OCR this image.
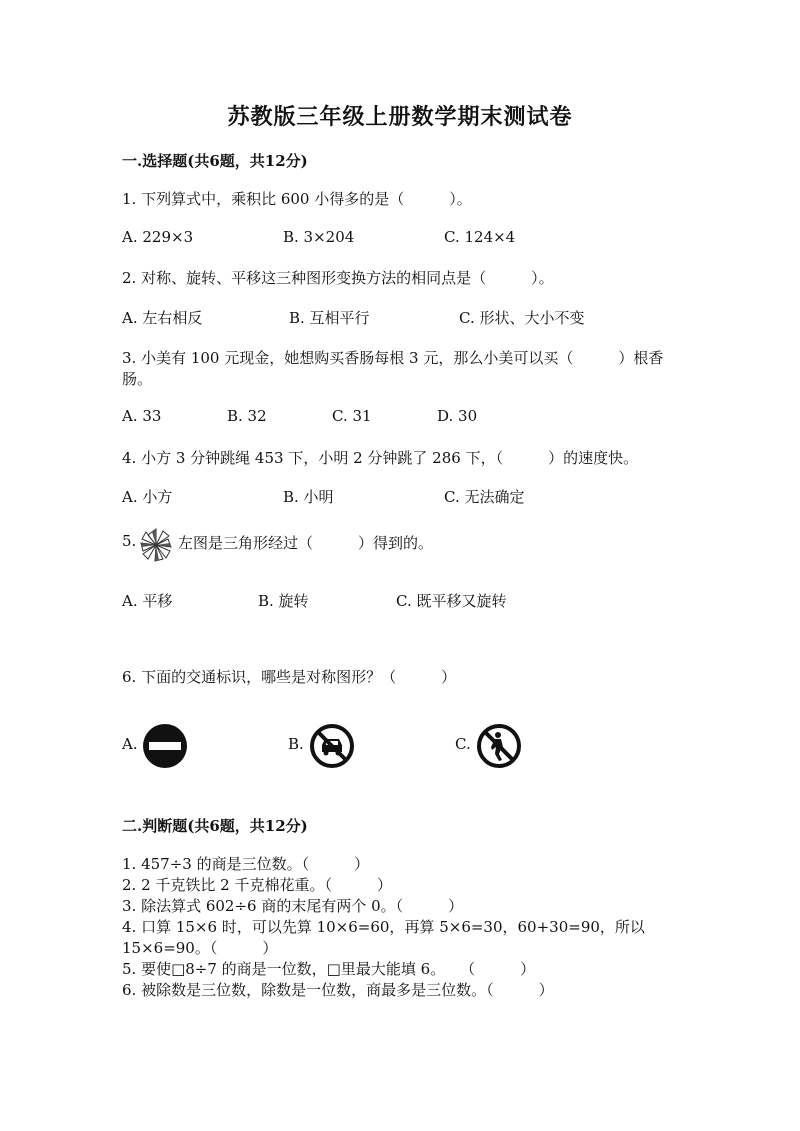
苏教版三年级上册数学期末测试卷
一.选择题(共6题，共12分)
1. 下列算式中，乘积比 600 小得多的是（　　　）。
A. 229×3	B. 3×204	C. 124×4
2. 对称、旋转、平移这三种图形变换方法的相同点是（　　　）。
A. 左右相反	B. 互相平行	C. 形状、大小不变
3. 小美有 100 元现金，她想购买香肠每根 3 元，那么小美可以买（　　　）根香
肠。
A. 33	B. 32	C. 31	D. 30
4. 小方 3 分钟跳绳 453 下，小明 2 分钟跳了 286 下，（　　　）的速度快。
A. 小方	B. 小明	C. 无法确定
5.	左图是三角形经过（　　　）得到的。
A. 平移	B. 旋转	C. 既平移又旋转
6. 下面的交通标识，哪些是对称图形？（　　　）
A.	B.	C.
二.判断题(共6题，共12分)
1. 457÷3 的商是三位数。（　　　）
2. 2 千克铁比 2 千克棉花重。（　　　）
3. 除法算式 602÷6 商的末尾有两个 0。（　　　）
4. 口算 15×6 时，可以先算 10×6=60，再算 5×6=30，60+30=90，所以
15×6=90。（　　　）
5. 要使□8÷7 的商是一位数，□里最大能填 6。　　（　　　）
6. 被除数是三位数，除数是一位数，商最多是三位数。（　　　）
